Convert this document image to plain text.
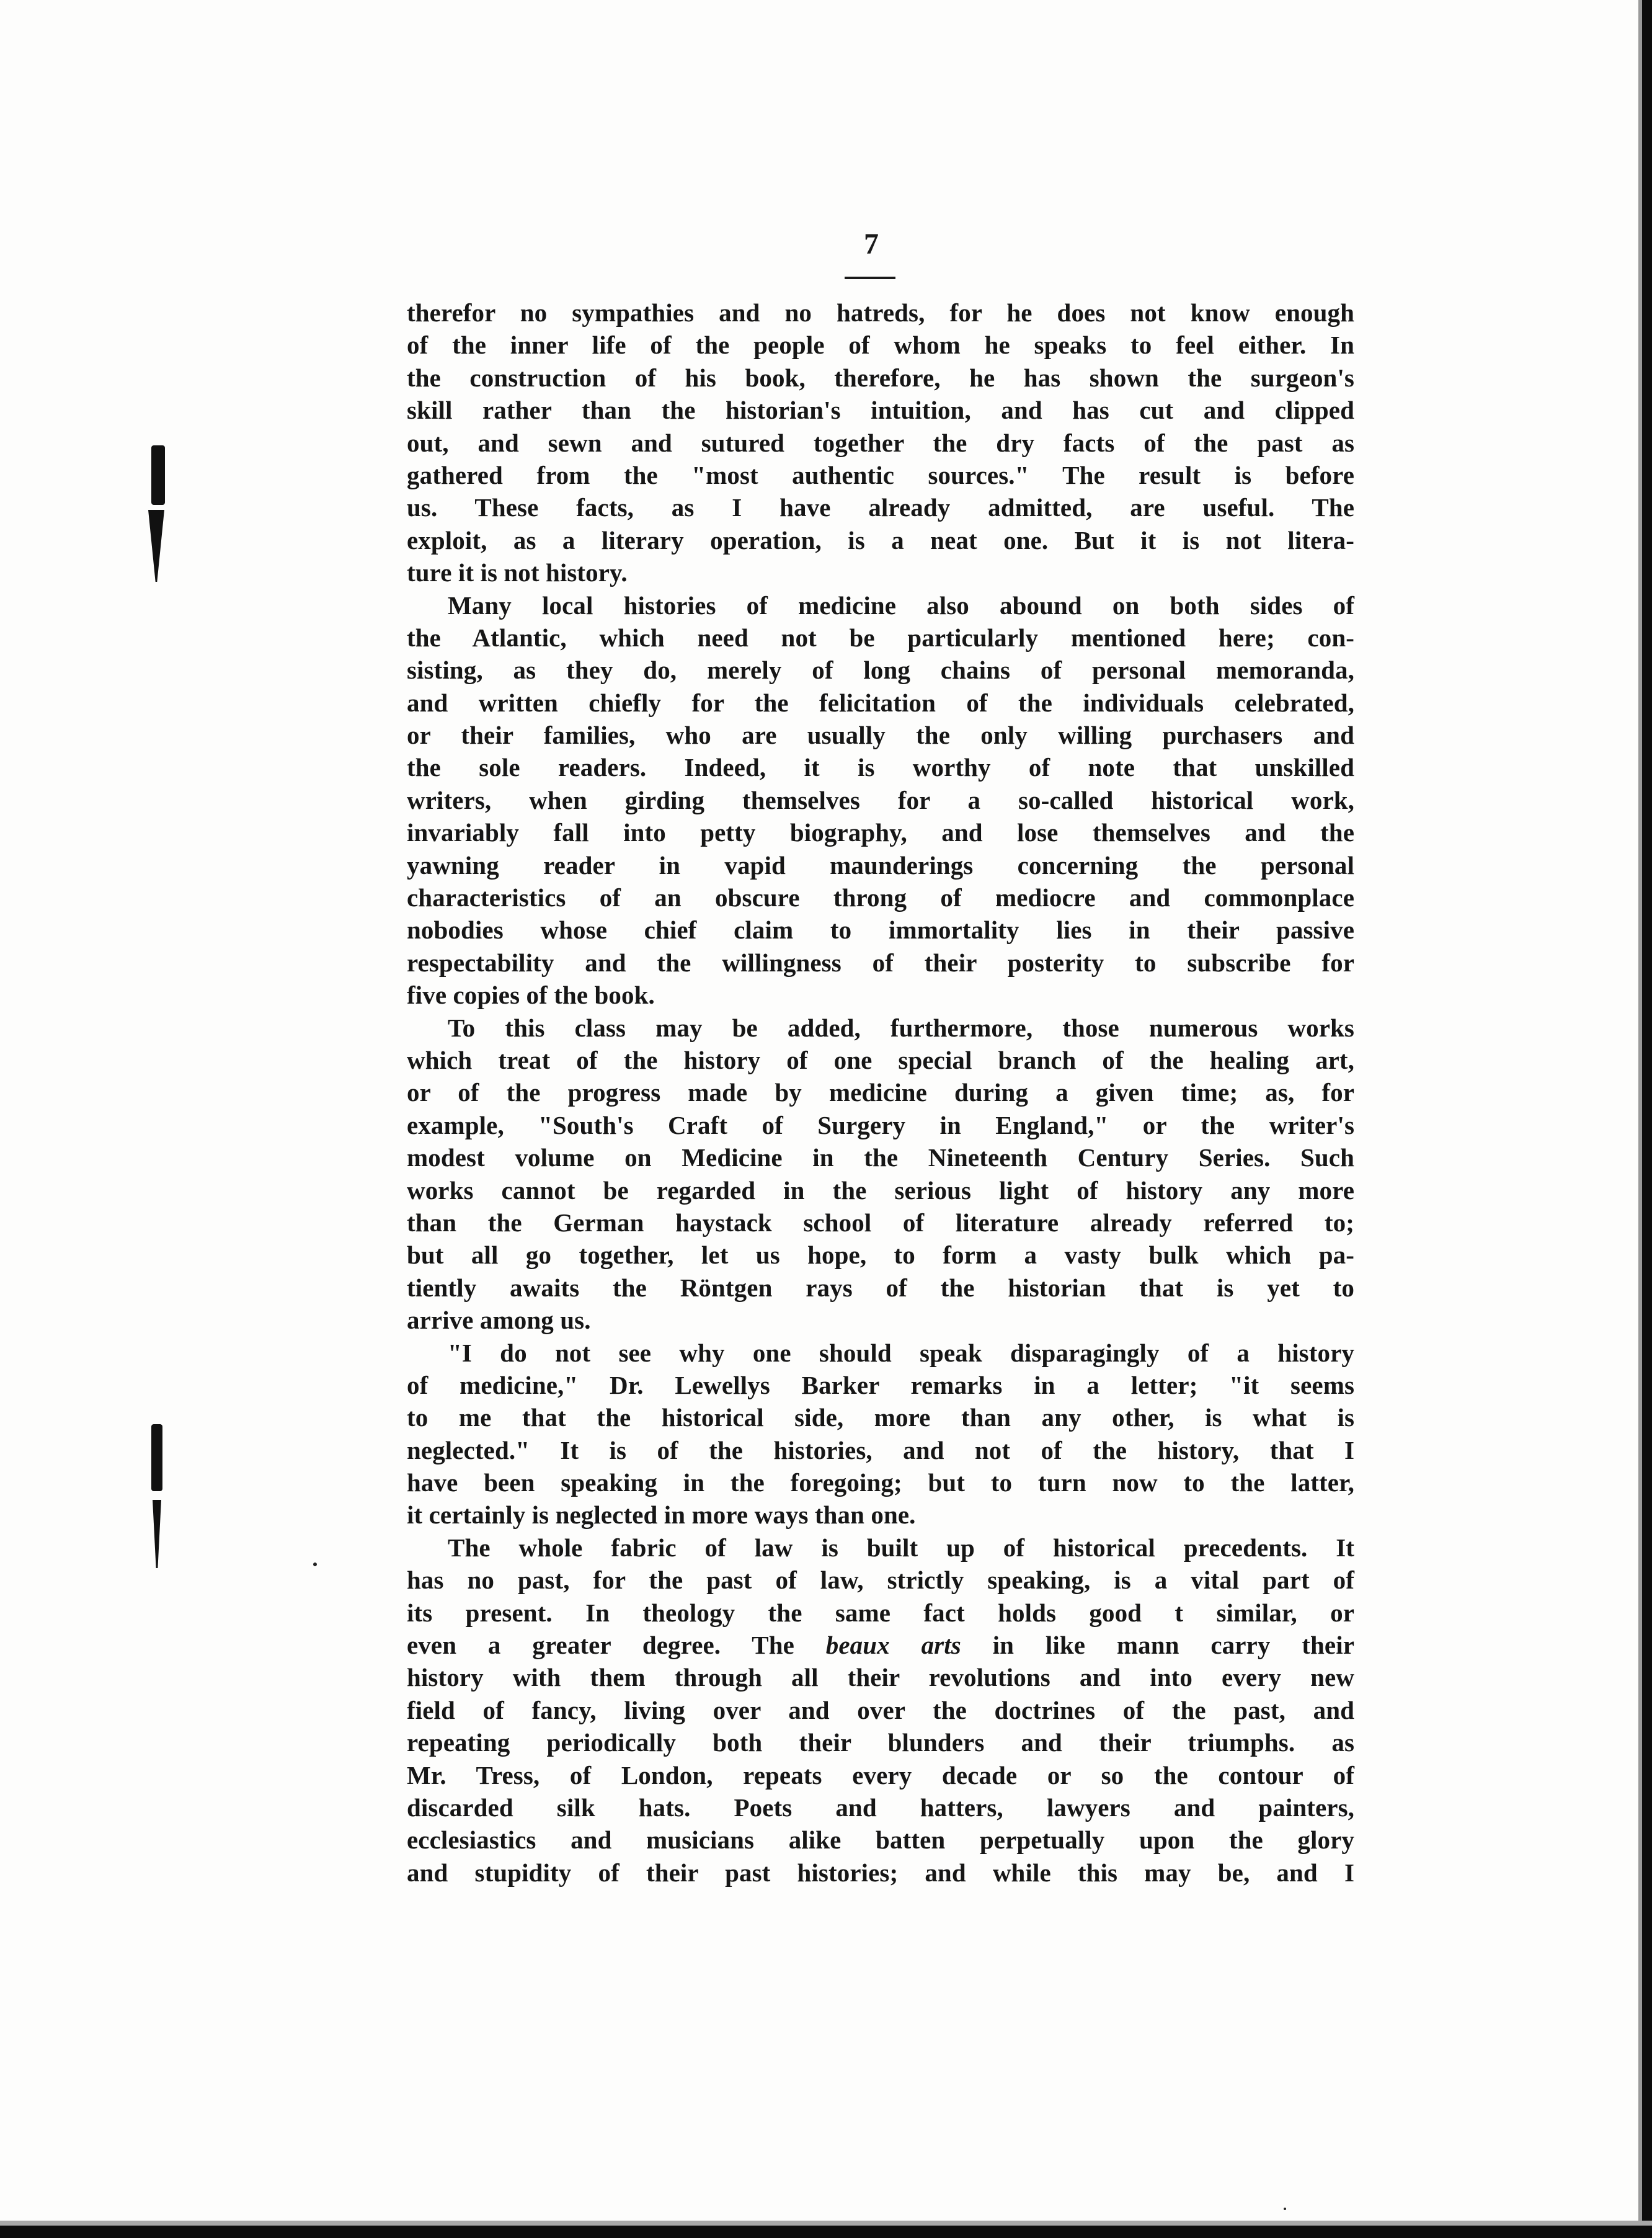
7
therefor no sympathies and no hatreds, for he does not know enough
of the inner life of the people of whom he speaks to feel either. In
the construction of his book, therefore, he has shown the surgeon's
skill rather than the historian's intuition, and has cut and clipped
out, and sewn and sutured together the dry facts of the past as
gathered from the "most authentic sources." The result is before
us. These facts, as I have already admitted, are useful. The
exploit, as a literary operation, is a neat one. But it is not litera-
ture it is not history.
Many local histories of medicine also abound on both sides of
the Atlantic, which need not be particularly mentioned here; con-
sisting, as they do, merely of long chains of personal memoranda,
and written chiefly for the felicitation of the individuals celebrated,
or their families, who are usually the only willing purchasers and
the sole readers. Indeed, it is worthy of note that unskilled
writers, when girding themselves for a so-called historical work,
invariably fall into petty biography, and lose themselves and the
yawning reader in vapid maunderings concerning the personal
characteristics of an obscure throng of mediocre and commonplace
nobodies whose chief claim to immortality lies in their passive
respectability and the willingness of their posterity to subscribe for
five copies of the book.
To this class may be added, furthermore, those numerous works
which treat of the history of one special branch of the healing art,
or of the progress made by medicine during a given time; as, for
example, "South's Craft of Surgery in England," or the writer's
modest volume on Medicine in the Nineteenth Century Series. Such
works cannot be regarded in the serious light of history any more
than the German haystack school of literature already referred to;
but all go together, let us hope, to form a vasty bulk which pa-
tiently awaits the Röntgen rays of the historian that is yet to
arrive among us.
"I do not see why one should speak disparagingly of a history
of medicine," Dr. Lewellys Barker remarks in a letter; "it seems
to me that the historical side, more than any other, is what is
neglected." It is of the histories, and not of the history, that I
have been speaking in the foregoing; but to turn now to the latter,
it certainly is neglected in more ways than one.
The whole fabric of law is built up of historical precedents. It
has no past, for the past of law, strictly speaking, is a vital part of
its present. In theology the same fact holds good t similar, or
even a greater degree. The beaux arts in like mann carry their
history with them through all their revolutions and into every new
field of fancy, living over and over the doctrines of the past, and
repeating periodically both their blunders and their triumphs. as
Mr. Tress, of London, repeats every decade or so the contour of
discarded silk hats. Poets and hatters, lawyers and painters,
ecclesiastics and musicians alike batten perpetually upon the glory
and stupidity of their past histories; and while this may be, and I
